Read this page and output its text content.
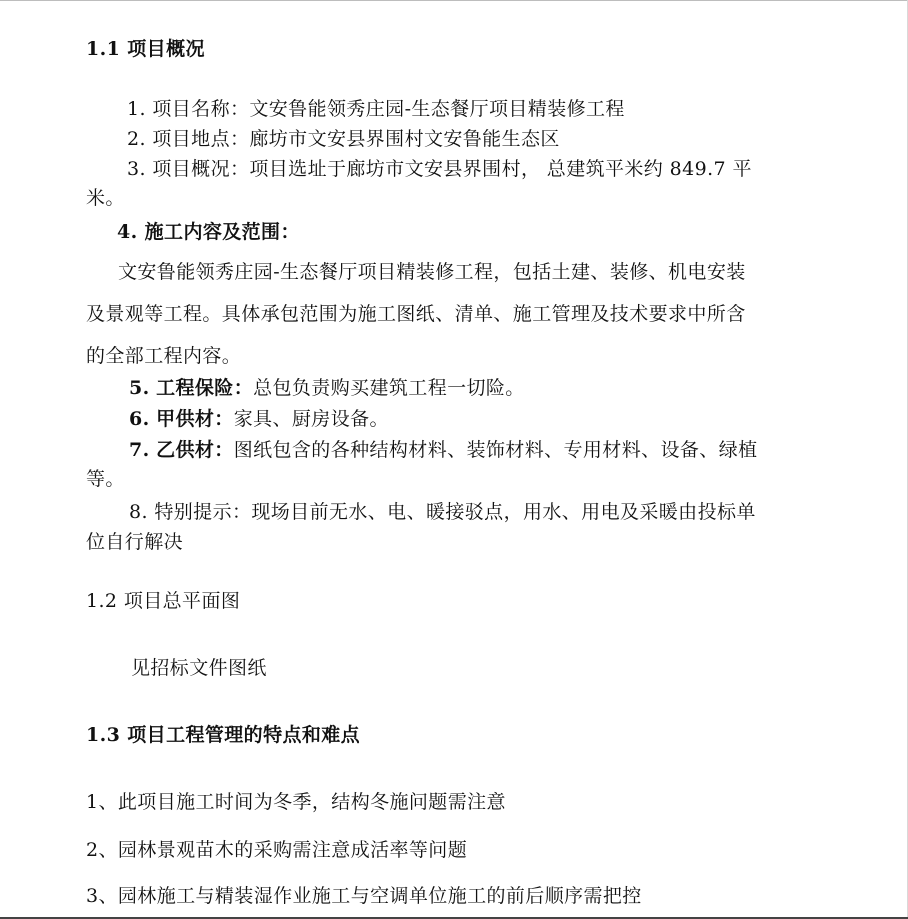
1.1 项目概况
1. 项目名称：文安鲁能领秀庄园-生态餐厅项目精装修工程
2. 项目地点：廊坊市文安县界围村文安鲁能生态区
3. 项目概况：项目选址于廊坊市文安县界围村， 总建筑平米约 849.7 平
米。
4. 施工内容及范围：
文安鲁能领秀庄园-生态餐厅项目精装修工程，包括土建、装修、机电安装
及景观等工程。具体承包范围为施工图纸、清单、施工管理及技术要求中所含
的全部工程内容。
5. 工程保险：总包负责购买建筑工程一切险。
6. 甲供材：家具、厨房设备。
7. 乙供材：图纸包含的各种结构材料、装饰材料、专用材料、设备、绿植
等。
8. 特别提示：现场目前无水、电、暖接驳点，用水、用电及采暖由投标单
位自行解决
1.2 项目总平面图
见招标文件图纸
1.3 项目工程管理的特点和难点
1、此项目施工时间为冬季，结构冬施问题需注意
2、园林景观苗木的采购需注意成活率等问题
3、园林施工与精装湿作业施工与空调单位施工的前后顺序需把控
